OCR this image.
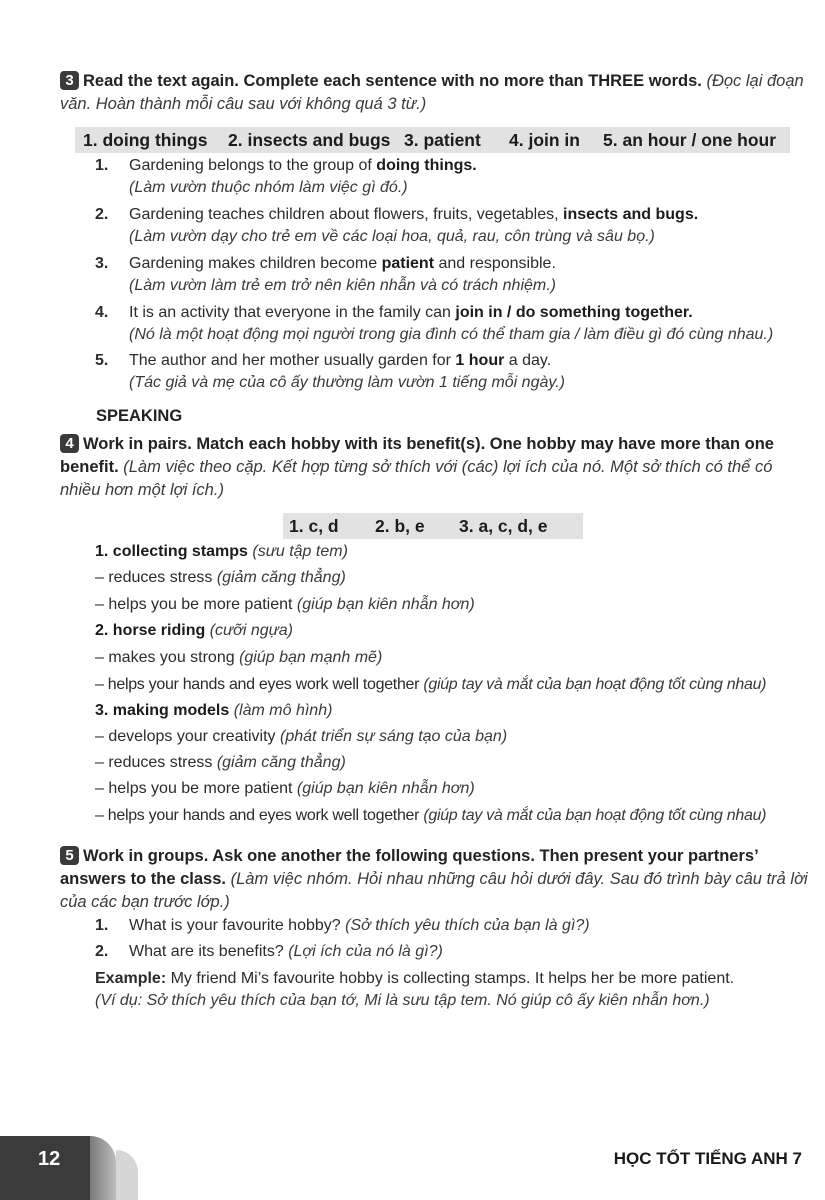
3 Read the text again. Complete each sentence with no more than THREE words. (Đọc lại đoạn văn. Hoàn thành mỗi câu sau với không quá 3 từ.)
1. doing things 2. insects and bugs 3. patient 4. join in 5. an hour / one hour
1. Gardening belongs to the group of doing things.
(Làm vườn thuộc nhóm làm việc gì đó.)
2. Gardening teaches children about flowers, fruits, vegetables, insects and bugs.
(Làm vườn dạy cho trẻ em về các loại hoa, quả, rau, côn trùng và sâu bọ.)
3. Gardening makes children become patient and responsible.
(Làm vườn làm trẻ em trở nên kiên nhẫn và có trách nhiệm.)
4. It is an activity that everyone in the family can join in / do something together.
(Nó là một hoạt động mọi người trong gia đình có thể tham gia / làm điều gì đó cùng nhau.)
5. The author and her mother usually garden for 1 hour a day.
(Tác giả và mẹ của cô ấy thường làm vườn 1 tiếng mỗi ngày.)
SPEAKING
4 Work in pairs. Match each hobby with its benefit(s). One hobby may have more than one benefit. (Làm việc theo cặp. Kết hợp từng sở thích với (các) lợi ích của nó. Một sở thích có thể có nhiều hơn một lợi ích.)
1. c, d 2. b, e 3. a, c, d, e
1. collecting stamps (sưu tập tem)
– reduces stress (giảm căng thẳng)
– helps you be more patient (giúp bạn kiên nhẫn hơn)
2. horse riding (cưỡi ngựa)
– makes you strong (giúp bạn mạnh mẽ)
– helps your hands and eyes work well together (giúp tay và mắt của bạn hoạt động tốt cùng nhau)
3. making models (làm mô hình)
– develops your creativity (phát triển sự sáng tạo của bạn)
– reduces stress (giảm căng thẳng)
– helps you be more patient (giúp bạn kiên nhẫn hơn)
– helps your hands and eyes work well together (giúp tay và mắt của bạn hoạt động tốt cùng nhau)
5 Work in groups. Ask one another the following questions. Then present your partners’ answers to the class. (Làm việc nhóm. Hỏi nhau những câu hỏi dưới đây. Sau đó trình bày câu trả lời của các bạn trước lớp.)
1. What is your favourite hobby? (Sở thích yêu thích của bạn là gì?)
2. What are its benefits? (Lợi ích của nó là gì?)
Example: My friend Mi’s favourite hobby is collecting stamps. It helps her be more patient.
(Ví dụ: Sở thích yêu thích của bạn tớ, Mi là sưu tập tem. Nó giúp cô ấy kiên nhẫn hơn.)
12	HỌC TỐT TIẾNG ANH 7
